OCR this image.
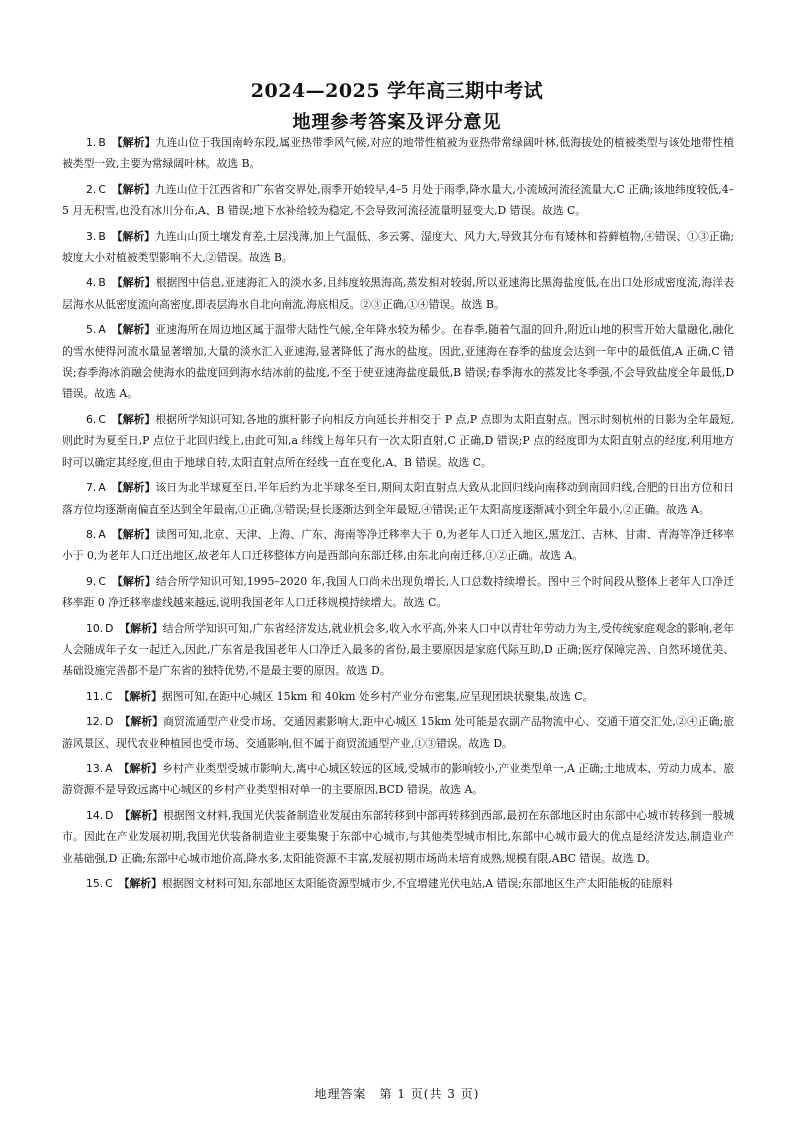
2024—2025 学年高三期中考试
地理参考答案及评分意见

1. B 【解析】九连山位于我国南岭东段,属亚热带季风气候,对应的地带性植被为亚热带常绿阔叶林,低海拔处的植被类型与该处地带性植被类型一致,主要为常绿阔叶林。故选 B。

2. C 【解析】九连山位于江西省和广东省交界处,雨季开始较早,4–5 月处于雨季,降水量大,小流域河流径流量大,C 正确;该地纬度较低,4–5 月无积雪,也没有冰川分布,A、B 错误;地下水补给较为稳定,不会导致河流径流量明显变大,D 错误。故选 C。

3. B 【解析】九连山山顶土壤发育差,土层浅薄,加上气温低、多云雾、湿度大、风力大,导致其分布有矮林和苔藓植物,④错误、①③正确;坡度大小对植被类型影响不大,②错误。故选 B。

4. B 【解析】根据图中信息,亚速海汇入的淡水多,且纬度较黑海高,蒸发相对较弱,所以亚速海比黑海盐度低,在出口处形成密度流,海洋表层海水从低密度流向高密度,即表层海水自北向南流,海底相反。②③正确,①④错误。故选 B。

5. A 【解析】亚速海所在周边地区属于温带大陆性气候,全年降水较为稀少。在春季,随着气温的回升,附近山地的积雪开始大量融化,融化的雪水使得河流水量显著增加,大量的淡水汇入亚速海,显著降低了海水的盐度。因此,亚速海在春季的盐度会达到一年中的最低值,A 正确,C 错误;春季海冰消融会使海水的盐度回到海水结冰前的盐度,不至于使亚速海盐度最低,B 错误;春季海水的蒸发比冬季强,不会导致盐度全年最低,D 错误。故选 A。

6. C 【解析】根据所学知识可知,各地的旗杆影子向相反方向延长并相交于 P 点,P 点即为太阳直射点。图示时刻杭州的日影为全年最短,则此时为夏至日,P 点位于北回归线上,由此可知,a 纬线上每年只有一次太阳直射,C 正确,D 错误;P 点的经度即为太阳直射点的经度,利用地方时可以确定其经度,但由于地球自转,太阳直射点所在经线一直在变化,A、B 错误。故选 C。

7. A 【解析】该日为北半球夏至日,半年后约为北半球冬至日,期间太阳直射点大致从北回归线向南移动到南回归线,合肥的日出方位和日落方位均逐渐南偏直至达到全年最南,①正确,③错误;昼长逐渐达到全年最短,④错误;正午太阳高度逐渐减小到全年最小,②正确。故选 A。

8. A 【解析】读图可知,北京、天津、上海、广东、海南等净迁移率大于 0,为老年人口迁入地区,黑龙江、吉林、甘肃、青海等净迁移率小于 0,为老年人口迁出地区,故老年人口迁移整体方向是西部向东部迁移,由东北向南迁移,①②正确。故选 A。

9. C 【解析】结合所学知识可知,1995–2020 年,我国人口尚未出现负增长,人口总数持续增长。图中三个时间段从整体上老年人口净迁移率距 0 净迁移率虚线越来越远,说明我国老年人口迁移规模持续增大。故选 C。

10. D 【解析】结合所学知识可知,广东省经济发达,就业机会多,收入水平高,外来人口中以青壮年劳动力为主,受传统家庭观念的影响,老年人会随成年子女一起迁入,因此,广东省是我国老年人口净迁入最多的省份,最主要原因是家庭代际互助,D 正确;医疗保障完善、自然环境优美、基础设施完善都不是广东省的独特优势,不是最主要的原因。故选 D。

11. C 【解析】据图可知,在距中心城区 15km 和 40km 处乡村产业分布密集,应呈现团块状聚集,故选 C。

12. D 【解析】商贸流通型产业受市场、交通因素影响大,距中心城区 15km 处可能是农副产品物流中心、交通干道交汇处,②④正确;旅游风景区、现代农业种植园也受市场、交通影响,但不属于商贸流通型产业,①③错误。故选 D。

13. A 【解析】乡村产业类型受城市影响大,离中心城区较远的区域,受城市的影响较小,产业类型单一,A 正确;土地成本、劳动力成本、旅游资源不是导致远离中心城区的乡村产业类型相对单一的主要原因,BCD 错误。故选 A。

14. D 【解析】根据图文材料,我国光伏装备制造业发展由东部转移到中部再转移到西部,最初在东部地区时由东部中心城市转移到一般城市。因此在产业发展初期,我国光伏装备制造业主要集聚于东部中心城市,与其他类型城市相比,东部中心城市最大的优点是经济发达,制造业产业基础强,D 正确;东部中心城市地价高,降水多,太阳能资源不丰富,发展初期市场尚未培育成熟,规模有限,ABC 错误。故选 D。

15. C 【解析】根据图文材料可知,东部地区太阳能资源型城市少,不宜增建光伏电站,A 错误;东部地区生产太阳能板的硅原料

地理答案　第 1 页(共 3 页)
